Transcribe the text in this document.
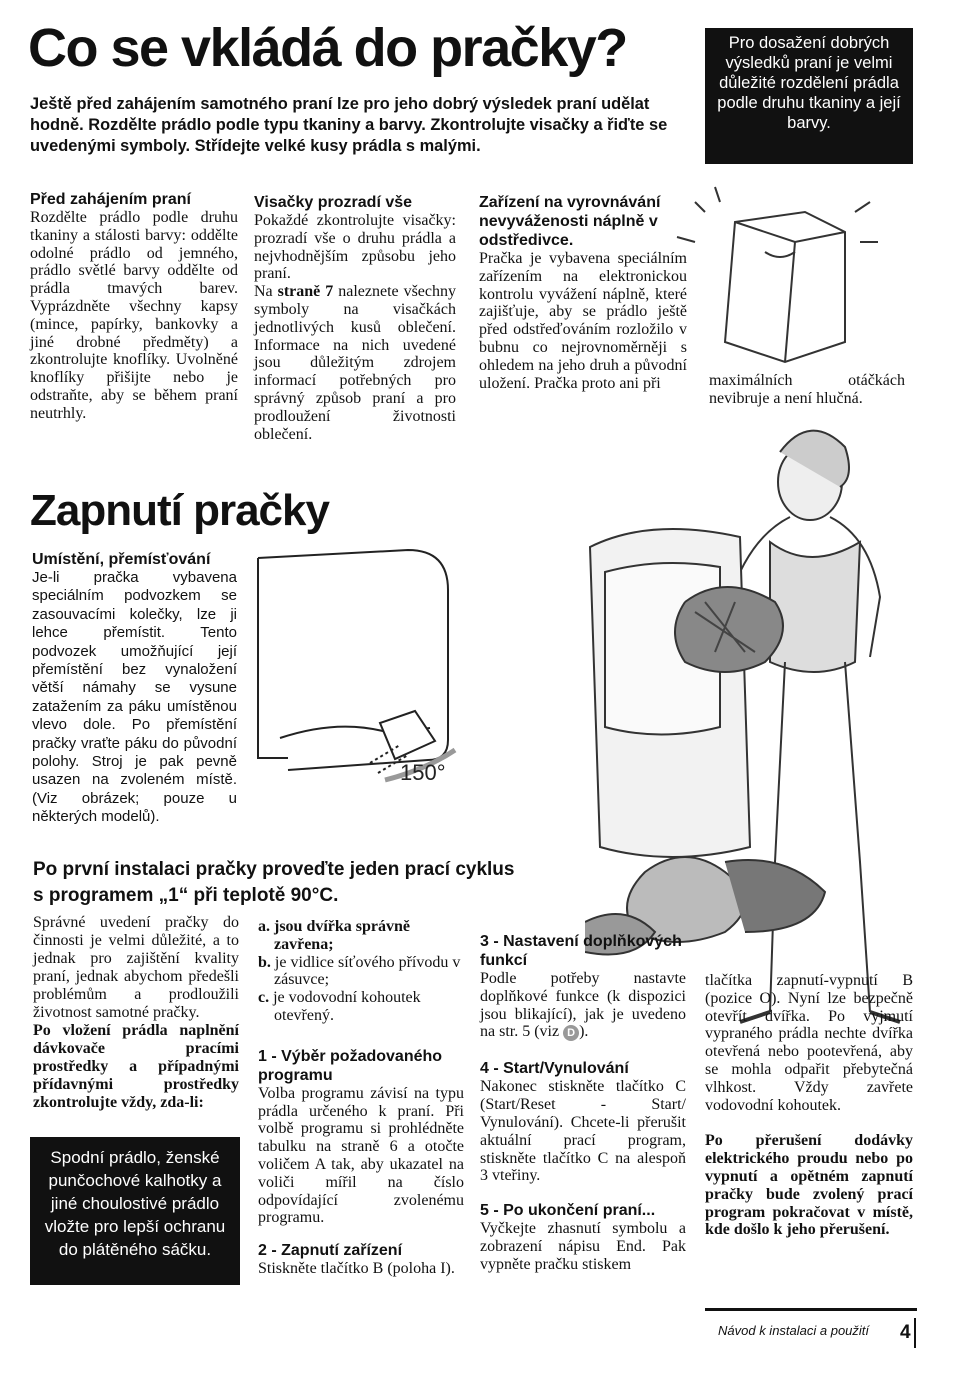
Co se vkládá do pračky?
Ještě před zahájením samotného praní lze pro jeho dobrý výsledek praní udělat hodně. Rozdělte prádlo podle typu tkaniny a barvy. Zkontrolujte visačky a řiďte se uvedenými symboly. Střídejte velké kusy prádla s malými.
Pro dosažení dobrých výsledků praní je velmi důležité rozdělení prádla podle druhu tkaniny a její barvy.
Před zahájením praní

Rozdělte prádlo podle druhu tkaniny a stálosti barvy: oddělte odolné prádlo od jemného, prádlo světlé barvy oddělte od prádla tmavých barev. Vyprázdněte všechny kapsy (mince, papírky, bankovky a jiné drobné předměty) a zkontrolujte knoflíky. Uvolněné knoflíky přišijte nebo je odstraňte, aby se během praní neutrhly.

Visačky prozradí vše

Pokaždé zkontrolujte visačky: prozradí vše o druhu prádla a nejvhodnějším způsobu jeho praní.

Na straně 7 naleznete všechny symboly na visačkách jednotlivých kusů oblečení. Informace na nich uvedené jsou důležitým zdrojem informací potřebných pro správný způsob praní a pro prodloužení životnosti oblečení.

Zařízení na vyrovnávání nevyváženosti náplně v odstředivce.

Pračka je vybavena speciálním zařízením na elektronickou kontrolu vyvážení náplně, které zajišťuje, aby se prádlo ještě před odstřeďováním rozložilo v bubnu co nejrovnoměrněji s ohledem na jeho druh a původní uložení. Pračka proto ani při	maximálních otáčkách nevibruje a není hlučná.
Zapnutí pračky
Umístění, přemísťování

Je-li pračka vybavena speciálním podvozkem se zasouvacími kolečky, lze ji lehce přemístit. Tento podvozek umožňující její přemístění bez vynaložení větší námahy se vysune zatažením za páku umístěnou vlevo dole. Po přemístění pračky vraťte páku do původní polohy. Stroj je pak pevně usazen na zvoleném místě. (Viz obrázek; pouze u některých modelů).

150°
Po první instalaci pračky proveďte jeden prací cyklus
s programem „1“ při teplotě 90°C.

Správné uvedení pračky do činnosti je velmi důležité, a to jednak pro zajištění kvality praní, jednak abychom předešli problémům a prodloužili životnost samotné pračky.

Po vložení prádla naplnění dávkovače pracími prostředky a případnými přídavnými prostředky zkontrolujte vždy, zda-li:

Spodní prádlo, ženské punčochové kalhotky a jiné choulostivé prádlo vložte pro lepší ochranu do plátěného sáčku.
a. jsou dvířka správně zavřena;
b. je vidlice síťového přívodu v zásuvce;
c. je vodovodní kohoutek otevřený.
1 - Výběr požadovaného programu

Volba programu závisí na typu prádla určeného k praní. Při volbě programu si prohlédněte tabulku na straně 6 a otočte voličem A tak, aby ukazatel na voliči mířil na číslo odpovídající zvolenému programu.

2 - Zapnutí zařízení

Stiskněte tlačítko B (poloha I).

3 - Nastavení doplňkových funkcí

Podle potřeby nastavte doplňkové funkce (k dispozici jsou blikající), jak je uvedeno na str. 5 (viz D ).

4 - Start/Vynulování

Nakonec stiskněte tlačítko C (Start/Reset - Start/ Vynulování). Chcete-li přerušit aktuální prací program, stiskněte tlačítko C na alespoň 3 vteřiny.

5 - Po ukončení praní...

Vyčkejte zhasnutí symbolu a zobrazení nápisu End. Pak vypněte pračku stiskem

tlačítka zapnutí-vypnutí B (pozice O). Nyní lze bezpečně otevřít dvířka. Po vyjmutí vypraného prádla nechte dvířka otevřená nebo pootevřená, aby se mohla odpařit přebytečná vlhkost. Vždy zavřete vodovodní kohoutek.

Po přerušení dodávky elektrického proudu nebo po vypnutí a opětném zapnutí pračky bude zvolený prací program pokračovat v místě, kde došlo k jeho přerušení.

Návod k instalaci a použití 4
